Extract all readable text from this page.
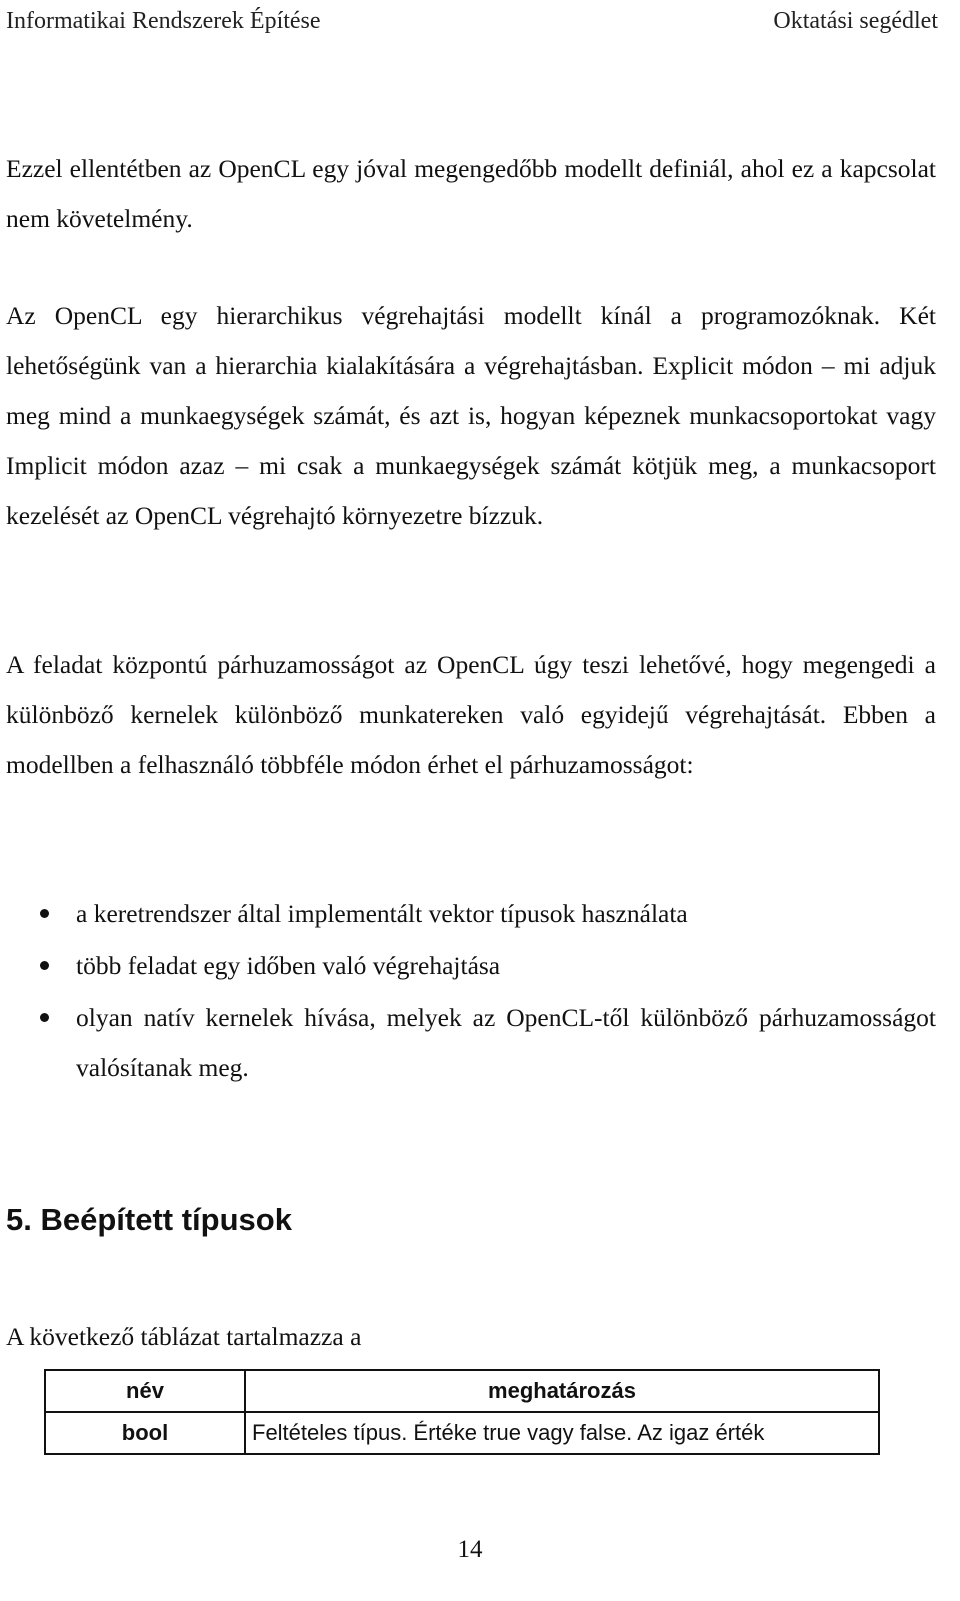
Informatikai Rendszerek Építése	Oktatási segédlet

Ezzel ellentétben az OpenCL egy jóval megengedőbb modellt definiál, ahol ez a kapcsolat nem követelmény.

Az OpenCL egy hierarchikus végrehajtási modellt kínál a programozóknak. Két lehetőségünk van a hierarchia kialakítására a végrehajtásban. Explicit módon – mi adjuk meg mind a munkaegységek számát, és azt is, hogyan képeznek munkacsoportokat vagy Implicit módon azaz – mi csak a munkaegységek számát kötjük meg, a munkacsoport kezelését az OpenCL végrehajtó környezetre bízzuk.

A feladat központú párhuzamosságot az OpenCL úgy teszi lehetővé, hogy megengedi a különböző kernelek különböző munkatereken való egyidejű végrehajtását. Ebben a modellben a felhasználó többféle módon érhet el párhuzamosságot:

a keretrendszer által implementált vektor típusok használata
több feladat egy időben való végrehajtása
olyan natív kernelek hívása, melyek az OpenCL-től különböző párhuzamosságot valósítanak meg.
5. Beépített típusok

A következő táblázat tartalmazza a

név	meghatározás
bool	Feltételes típus. Értéke true vagy false. Az igaz érték
14
